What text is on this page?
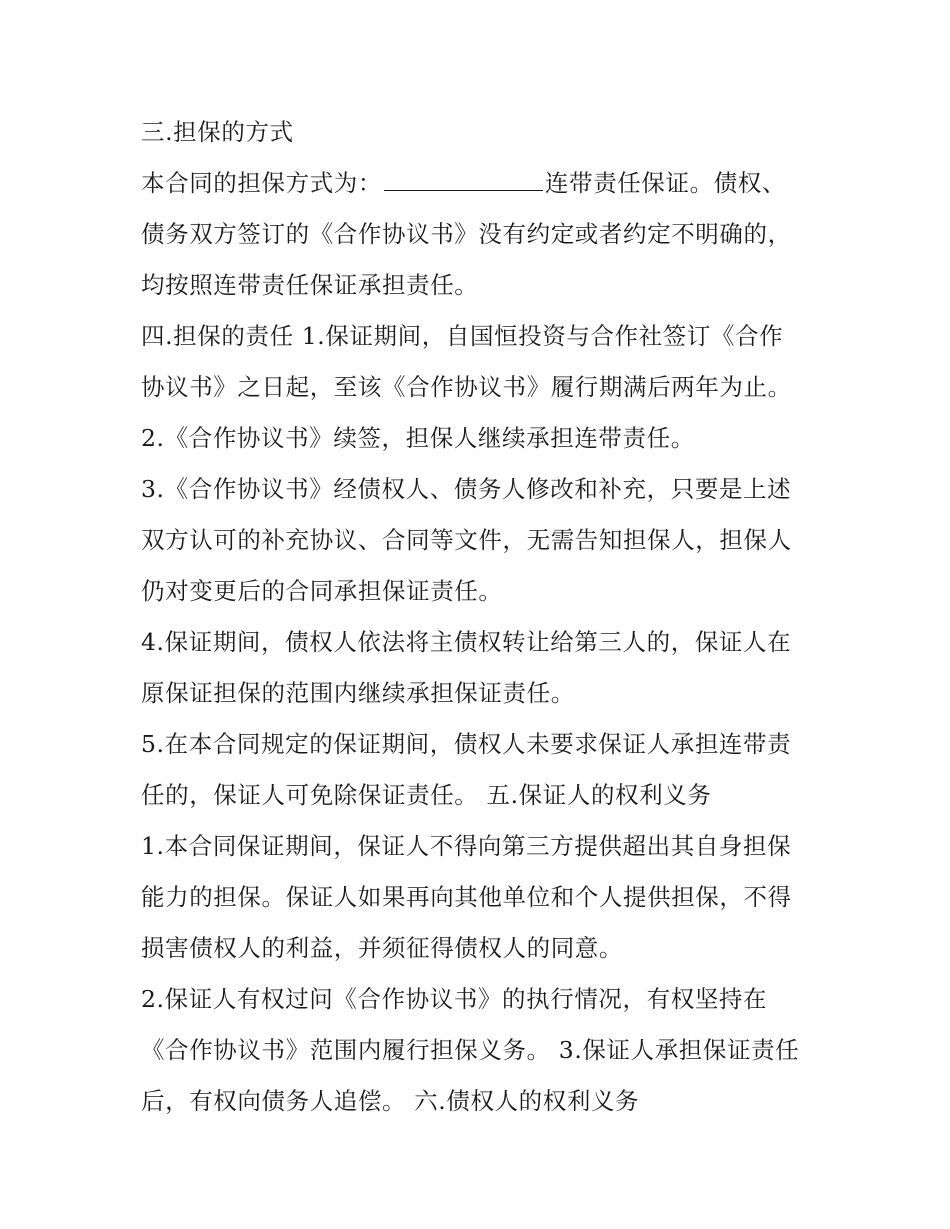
三.担保的方式
本合同的担保方式为：	连带责任保证。债权、
债务双方签订的《合作协议书》没有约定或者约定不明确的，
均按照连带责任保证承担责任。
四.担保的责任 1.保证期间，自国恒投资与合作社签订《合作
协议书》之日起，至该《合作协议书》履行期满后两年为止。
2.《合作协议书》续签，担保人继续承担连带责任。
3.《合作协议书》经债权人、债务人修改和补充，只要是上述
双方认可的补充协议、合同等文件，无需告知担保人，担保人
仍对变更后的合同承担保证责任。
4.保证期间，债权人依法将主债权转让给第三人的，保证人在
原保证担保的范围内继续承担保证责任。
5.在本合同规定的保证期间，债权人未要求保证人承担连带责
任的，保证人可免除保证责任。 五.保证人的权利义务
1.本合同保证期间，保证人不得向第三方提供超出其自身担保
能力的担保。保证人如果再向其他单位和个人提供担保，不得
损害债权人的利益，并须征得债权人的同意。
2.保证人有权过问《合作协议书》的执行情况，有权坚持在
《合作协议书》范围内履行担保义务。 3.保证人承担保证责任
后，有权向债务人追偿。 六.债权人的权利义务
